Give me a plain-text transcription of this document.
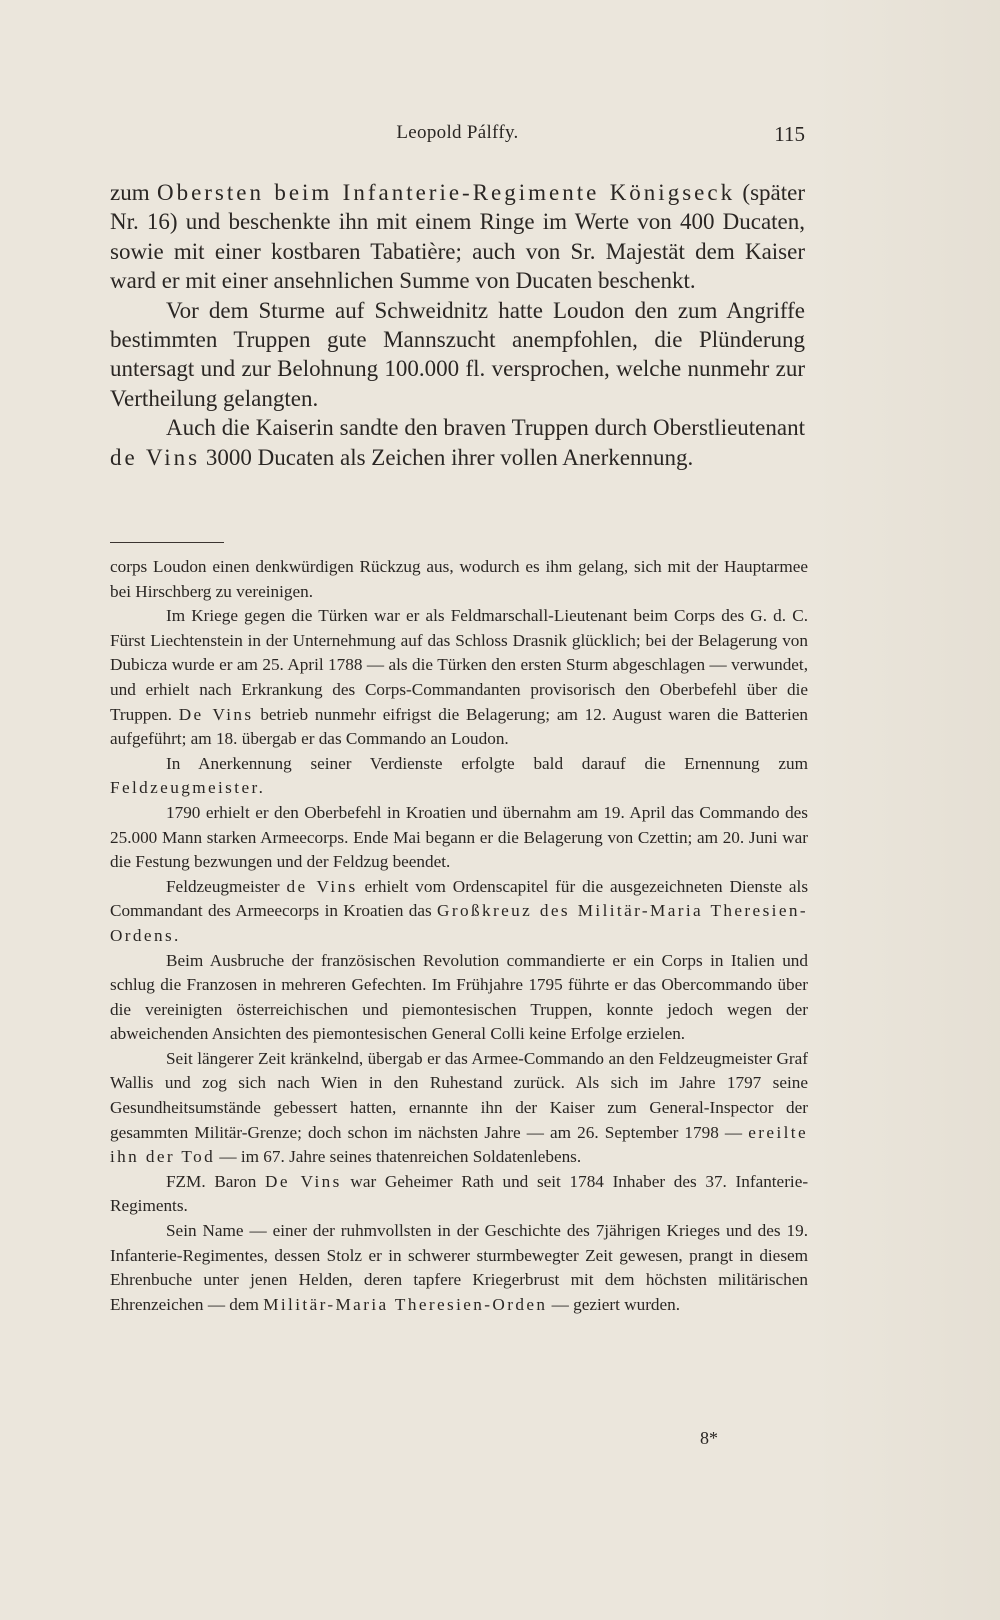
Leopold Pálffy.	115

zum Obersten beim Infanterie-Regimente Königseck (später Nr. 16) und beschenkte ihn mit einem Ringe im Werte von 400 Ducaten, sowie mit einer kostbaren Tabatière; auch von Sr. Majestät dem Kaiser ward er mit einer ansehnlichen Summe von Ducaten beschenkt.

Vor dem Sturme auf Schweidnitz hatte Loudon den zum Angriffe bestimmten Truppen gute Mannszucht anempfohlen, die Plünderung untersagt und zur Belohnung 100.000 fl. versprochen, welche nunmehr zur Vertheilung gelangten.

Auch die Kaiserin sandte den braven Truppen durch Oberstlieutenant de Vins 3000 Ducaten als Zeichen ihrer vollen Anerkennung.

corps Loudon einen denkwürdigen Rückzug aus, wodurch es ihm gelang, sich mit der Hauptarmee bei Hirschberg zu vereinigen.

Im Kriege gegen die Türken war er als Feldmarschall-Lieutenant beim Corps des G. d. C. Fürst Liechtenstein in der Unternehmung auf das Schloss Drasnik glücklich; bei der Belagerung von Dubicza wurde er am 25. April 1788 — als die Türken den ersten Sturm abgeschlagen — verwundet, und erhielt nach Erkrankung des Corps-Commandanten provisorisch den Oberbefehl über die Truppen. De Vins betrieb nunmehr eifrigst die Belagerung; am 12. August waren die Batterien aufgeführt; am 18. übergab er das Commando an Loudon.

In Anerkennung seiner Verdienste erfolgte bald darauf die Ernennung zum Feldzeugmeister.

1790 erhielt er den Oberbefehl in Kroatien und übernahm am 19. April das Commando des 25.000 Mann starken Armeecorps. Ende Mai begann er die Belagerung von Czettin; am 20. Juni war die Festung bezwungen und der Feldzug beendet.

Feldzeugmeister de Vins erhielt vom Ordenscapitel für die ausgezeichneten Dienste als Commandant des Armeecorps in Kroatien das Großkreuz des Militär-Maria Theresien-Ordens.

Beim Ausbruche der französischen Revolution commandierte er ein Corps in Italien und schlug die Franzosen in mehreren Gefechten. Im Frühjahre 1795 führte er das Obercommando über die vereinigten österreichischen und piemontesischen Truppen, konnte jedoch wegen der abweichenden Ansichten des piemontesischen General Colli keine Erfolge erzielen.

Seit längerer Zeit kränkelnd, übergab er das Armee-Commando an den Feldzeugmeister Graf Wallis und zog sich nach Wien in den Ruhestand zurück. Als sich im Jahre 1797 seine Gesundheitsumstände gebessert hatten, ernannte ihn der Kaiser zum General-Inspector der gesammten Militär-Grenze; doch schon im nächsten Jahre — am 26. September 1798 — ereilte ihn der Tod — im 67. Jahre seines thatenreichen Soldatenlebens.

FZM. Baron De Vins war Geheimer Rath und seit 1784 Inhaber des 37. Infanterie-Regiments.

Sein Name — einer der ruhmvollsten in der Geschichte des 7jährigen Krieges und des 19. Infanterie-Regimentes, dessen Stolz er in schwerer sturmbewegter Zeit gewesen, prangt in diesem Ehrenbuche unter jenen Helden, deren tapfere Kriegerbrust mit dem höchsten militärischen Ehrenzeichen — dem Militär-Maria Theresien-Orden — geziert wurden.

8*
